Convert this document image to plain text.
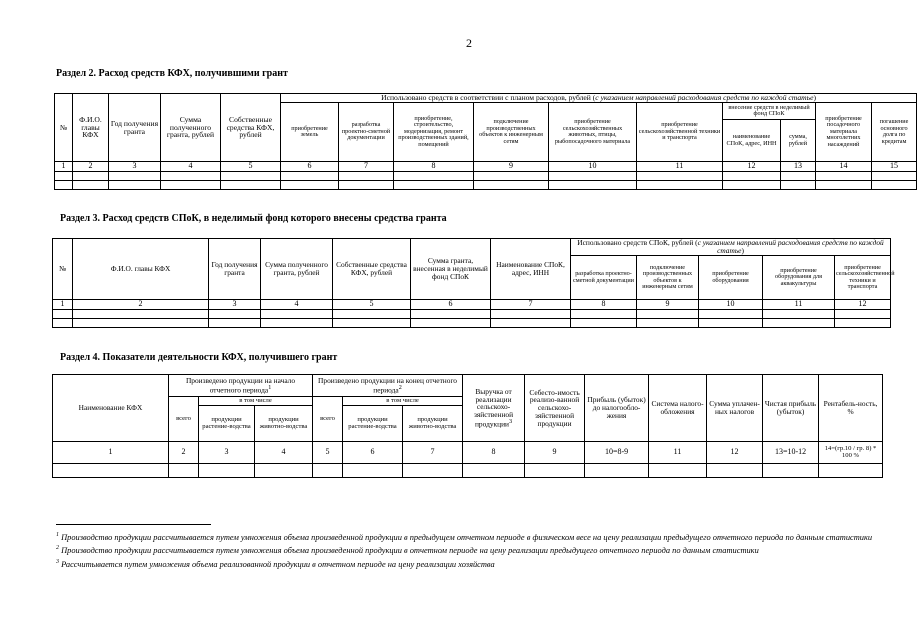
2
Раздел 2. Расход средств КФХ, получившими грант
№	Ф.И.О. главы КФХ	Год получения гранта	Сумма полученного гранта, рублей	Собственные средства КФХ, рублей	Использовано средств в соответствии с планом расходов, рублей (с указанием направлений расходования средств по каждой статье)									
					приобретение земель	разработка проектно-сметной документации	приобретение, строительство, модернизация, ремонт производственных зданий, помещений	подключение производственных объектов к инженерным сетям	приобретение сельскохозяйственных животных, птицы, рыбопосадочного материала	приобретение сельскохозяйственной техники и транспорта	внесение средств в неделимый фонд СПоК		приобретение посадочного материала многолетних насаждений	погашение основного долга по кредитам
											наименование СПоК, адрес, ИНН	сумма, рублей		
1	2	3	4	5	6	7	8	9	10	11	12	13	14	15

Раздел 3. Расход средств СПоК, в неделимый фонд которого внесены средства гранта
№	Ф.И.О. главы КФХ	Год получения гранта	Сумма полученного гранта, рублей	Собственные средства КФХ, рублей	Сумма гранта, внесенная в неделимый фонд СПоК	Наименование СПоК, адрес, ИНН	Использовано средств СПоК, рублей (с указанием направлений расходования средств по каждой статье)				
							разработка проектно-сметной документации	подключение производственных объектов к инженерным сетям	приобретение оборудования	приобретение оборудования для аквакультуры	приобретение сельскохозяйственной техники и транспорта
1	2	3	4	5	6	7	8	9	10	11	12

Раздел 4. Показатели деятельности КФХ, получившего грант
Наименование КФХ	Произведено продукции на начало отчетного периода$^1$			Произведено продукции на конец отчетного периода$^2$			Выручка от реализации сельскохо-зяйственной продукции$^3$	Себесто-имость реализо-ванной сельскохо-зяйственной продукции	Прибыль (убыток) до налогообло-жения	Система налого-обложения	Сумма уплачен-ных налогов	Чистая прибыль (убыток)	Рентабель-ность, %
	всего	в том числе		всего	в том числе								
		продукции растение-водства	продукции животно-водства		продукции растение-водства	продукции животно-водства							
1	2	3	4	5	6	7	8	9	10=8-9	11	12	13=10-12	14=(гр.10 / гр. 8) * 100 %

$^1$ Производство продукции рассчитывается путем умножения объема произведенной продукции в предыдущем отчетном периоде в физическом весе на цену реализации предыдущего отчетного периода по данным статистики
$^2$ Производство продукции рассчитывается путем умножения объема произведенной продукции в отчетном периоде на цену реализации предыдущего отчетного периода по данным статистики
$^3$ Рассчитывается путем умножения объема реализованной продукции в отчетном периоде на цену реализации хозяйства
